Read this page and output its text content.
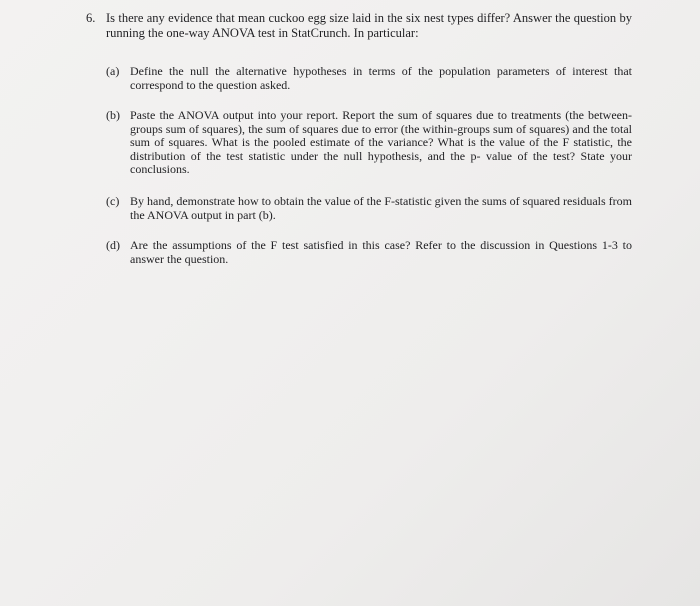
6. Is there any evidence that mean cuckoo egg size laid in the six nest types differ? Answer the question by running the one-way ANOVA test in StatCrunch. In particular:
(a) Define the null the alternative hypotheses in terms of the population parameters of interest that correspond to the question asked.
(b) Paste the ANOVA output into your report. Report the sum of squares due to treatments (the between-groups sum of squares), the sum of squares due to error (the within-groups sum of squares) and the total sum of squares. What is the pooled estimate of the variance? What is the value of the F statistic, the distribution of the test statistic under the null hypothesis, and the p- value of the test? State your conclusions.
(c) By hand, demonstrate how to obtain the value of the F-statistic given the sums of squared residuals from the ANOVA output in part (b).
(d) Are the assumptions of the F test satisfied in this case? Refer to the discussion in Questions 1-3 to answer the question.
